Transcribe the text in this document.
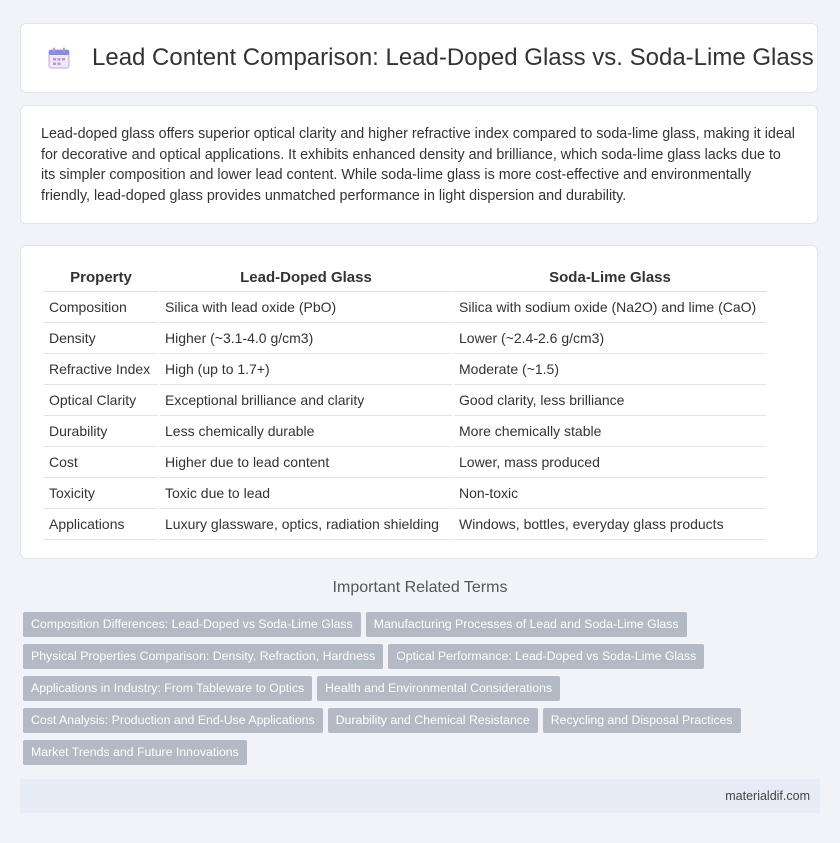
Lead Content Comparison: Lead-Doped Glass vs. Soda-Lime Glass

Lead-doped glass offers superior optical clarity and higher refractive index compared to soda-lime glass, making it ideal for decorative and optical applications. It exhibits enhanced density and brilliance, which soda-lime glass lacks due to its simpler composition and lower lead content. While soda-lime glass is more cost-effective and environmentally friendly, lead-doped glass provides unmatched performance in light dispersion and durability.

Property	Lead-Doped Glass	Soda-Lime Glass
Composition	Silica with lead oxide (PbO)	Silica with sodium oxide (Na2O) and lime (CaO)
Density	Higher (~3.1-4.0 g/cm3)	Lower (~2.4-2.6 g/cm3)
Refractive Index	High (up to 1.7+)	Moderate (~1.5)
Optical Clarity	Exceptional brilliance and clarity	Good clarity, less brilliance
Durability	Less chemically durable	More chemically stable
Cost	Higher due to lead content	Lower, mass produced
Toxicity	Toxic due to lead	Non-toxic
Applications	Luxury glassware, optics, radiation shielding	Windows, bottles, everyday glass products
Important Related Terms
Composition Differences: Lead-Doped vs Soda-Lime Glass Manufacturing Processes of Lead and Soda-Lime Glass
Physical Properties Comparison: Density, Refraction, Hardness Optical Performance: Lead-Doped vs Soda-Lime Glass
Applications in Industry: From Tableware to Optics Health and Environmental Considerations
Cost Analysis: Production and End-Use Applications Durability and Chemical Resistance Recycling and Disposal Practices
Market Trends and Future Innovations
materialdif.com
